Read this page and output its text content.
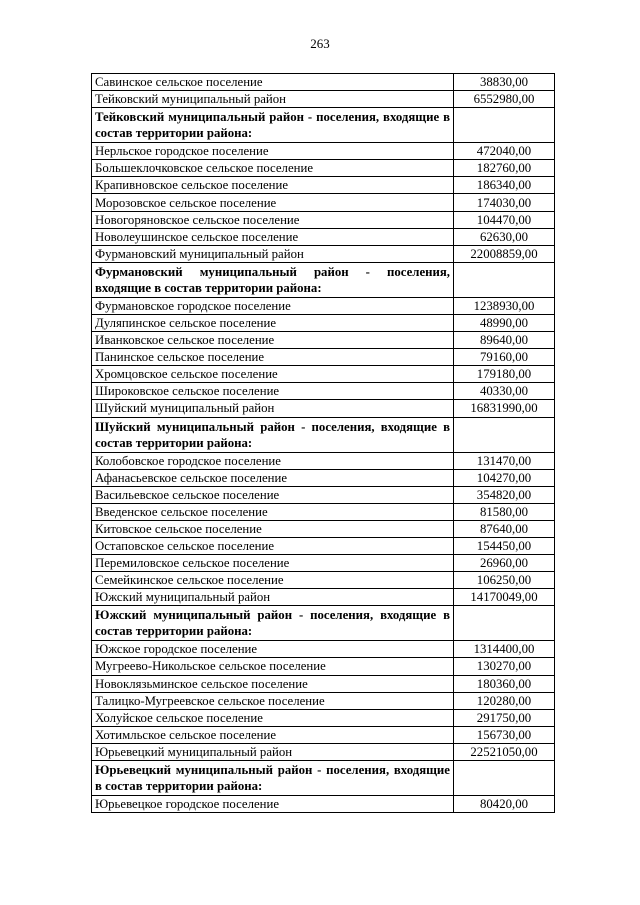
263
Савинское сельское поселение	38830,00
Тейковский муниципальный район	6552980,00
Тейковский муниципальный район - поселения, входящие в состав территории района:	
Нерльское городское поселение	472040,00
Большеклочковское сельское поселение	182760,00
Крапивновское сельское поселение	186340,00
Морозовское сельское поселение	174030,00
Новогоряновское сельское поселение	104470,00
Новолеушинское сельское поселение	62630,00
Фурмановский муниципальный район	22008859,00
Фурмановский муниципальный район - поселения, входящие в состав территории района:	
Фурмановское городское поселение	1238930,00
Дуляпинское сельское поселение	48990,00
Иванковское сельское поселение	89640,00
Панинское сельское поселение	79160,00
Хромцовское сельское поселение	179180,00
Широковское сельское поселение	40330,00
Шуйский муниципальный район	16831990,00
Шуйский муниципальный район - поселения, входящие в состав территории района:	
Колобовское городское поселение	131470,00
Афанасьевское сельское поселение	104270,00
Васильевское сельское поселение	354820,00
Введенское сельское поселение	81580,00
Китовское сельское поселение	87640,00
Остаповское сельское поселение	154450,00
Перемиловское сельское поселение	26960,00
Семейкинское сельское поселение	106250,00
Южский муниципальный район	14170049,00
Южский муниципальный район - поселения, входящие в состав территории района:	
Южское городское поселение	1314400,00
Мугреево-Никольское сельское поселение	130270,00
Новоклязьминское сельское поселение	180360,00
Талицко-Мугреевское сельское поселение	120280,00
Холуйское сельское поселение	291750,00
Хотимльское сельское поселение	156730,00
Юрьевецкий муниципальный район	22521050,00
Юрьевецкий муниципальный район - поселения, входящие в состав территории района:	
Юрьевецкое городское поселение	80420,00
